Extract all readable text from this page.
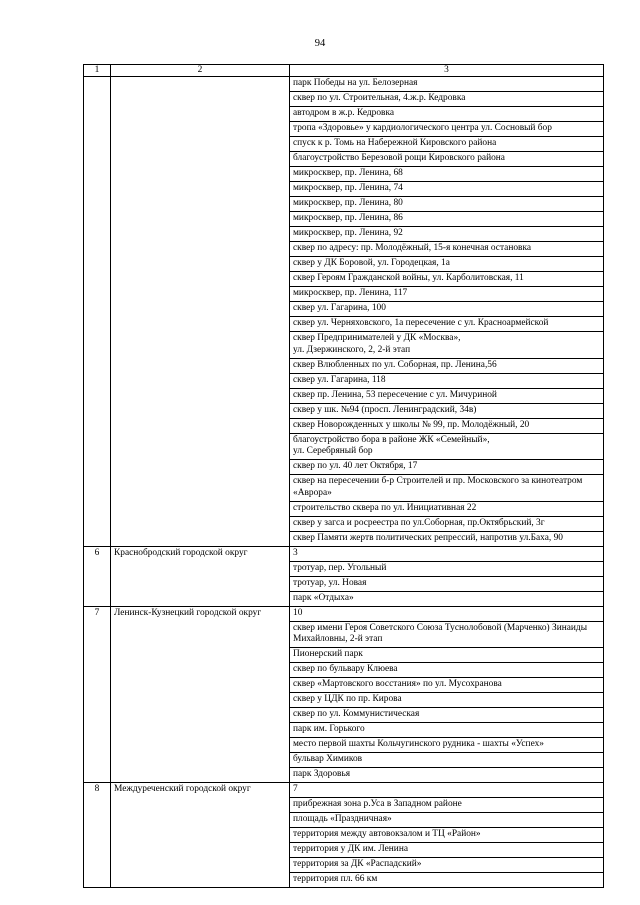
94
1	2	3
		парк Победы на ул. Белозерная
		сквер по ул. Строительная, 4.ж.р. Кедровка
		автодром в ж.р. Кедровка
		тропа «Здоровье» у кардиологического центра ул. Сосновый бор
		спуск к р. Томь на Набережной Кировского района
		благоустройство Березовой рощи Кировского района
		микросквер, пр. Ленина, 68
		микросквер, пр. Ленина, 74
		микросквер, пр. Ленина, 80
		микросквер, пр. Ленина, 86
		микросквер, пр. Ленина, 92
		сквер по адресу: пр. Молодёжный, 15-я конечная остановка
		сквер у ДК Боровой, ул. Городецкая, 1а
		сквер Героям Гражданской войны, ул. Карболитовская, 11
		микросквер, пр. Ленина, 117
		сквер ул. Гагарина, 100
		сквер ул. Черняховского, 1а пересечение с ул. Красноармейской
		сквер Предпринимателей у ДК «Москва»,
ул. Дзержинского, 2, 2-й этап
		сквер Влюбленных по ул. Соборная, пр. Ленина,56
		сквер ул. Гагарина, 118
		сквер пр. Ленина, 53 пересечение с ул. Мичуриной
		сквер у шк. №94 (просп. Ленинградский, 34в)
		сквер Новорожденных у школы № 99, пр. Молодёжный, 20
		благоустройство бора в районе ЖК «Семейный»,
ул. Серебряный бор
		сквер по ул. 40 лет Октября, 17
		сквер на пересечении б-р Строителей и пр. Московского за кинотеатром «Аврора»
		строительство сквера по ул. Инициативная 22
		сквер у загса и росреестра по ул.Соборная, пр.Октябрьский, 3г
		сквер Памяти жертв политических репрессий, напротив ул.Баха, 90
6	Краснобродский городской округ	3
		тротуар, пер. Угольный
		тротуар, ул. Новая
		парк «Отдыха»
7	Ленинск-Кузнецкий городской округ	10
		сквер имени Героя Советского Союза Туснолобовой (Марченко) Зинаиды Михайловны, 2-й этап
		Пионерский парк
		сквер по бульвару Клюева
		сквер «Мартовского восстания» по ул. Мусохранова
		сквер у ЦДК по пр. Кирова
		сквер по ул. Коммунистическая
		парк им. Горького
		место первой шахты Кольчугинского рудника - шахты «Успех»
		бульвар Химиков
		парк Здоровья
8	Междуреченский городской округ	7
		прибрежная зона р.Уса в Западном районе
		площадь «Праздничная»
		территория между автовокзалом и ТЦ «Район»
		территория у ДК им. Ленина
		территория за ДК «Распадский»
		территория пл. 66 км
